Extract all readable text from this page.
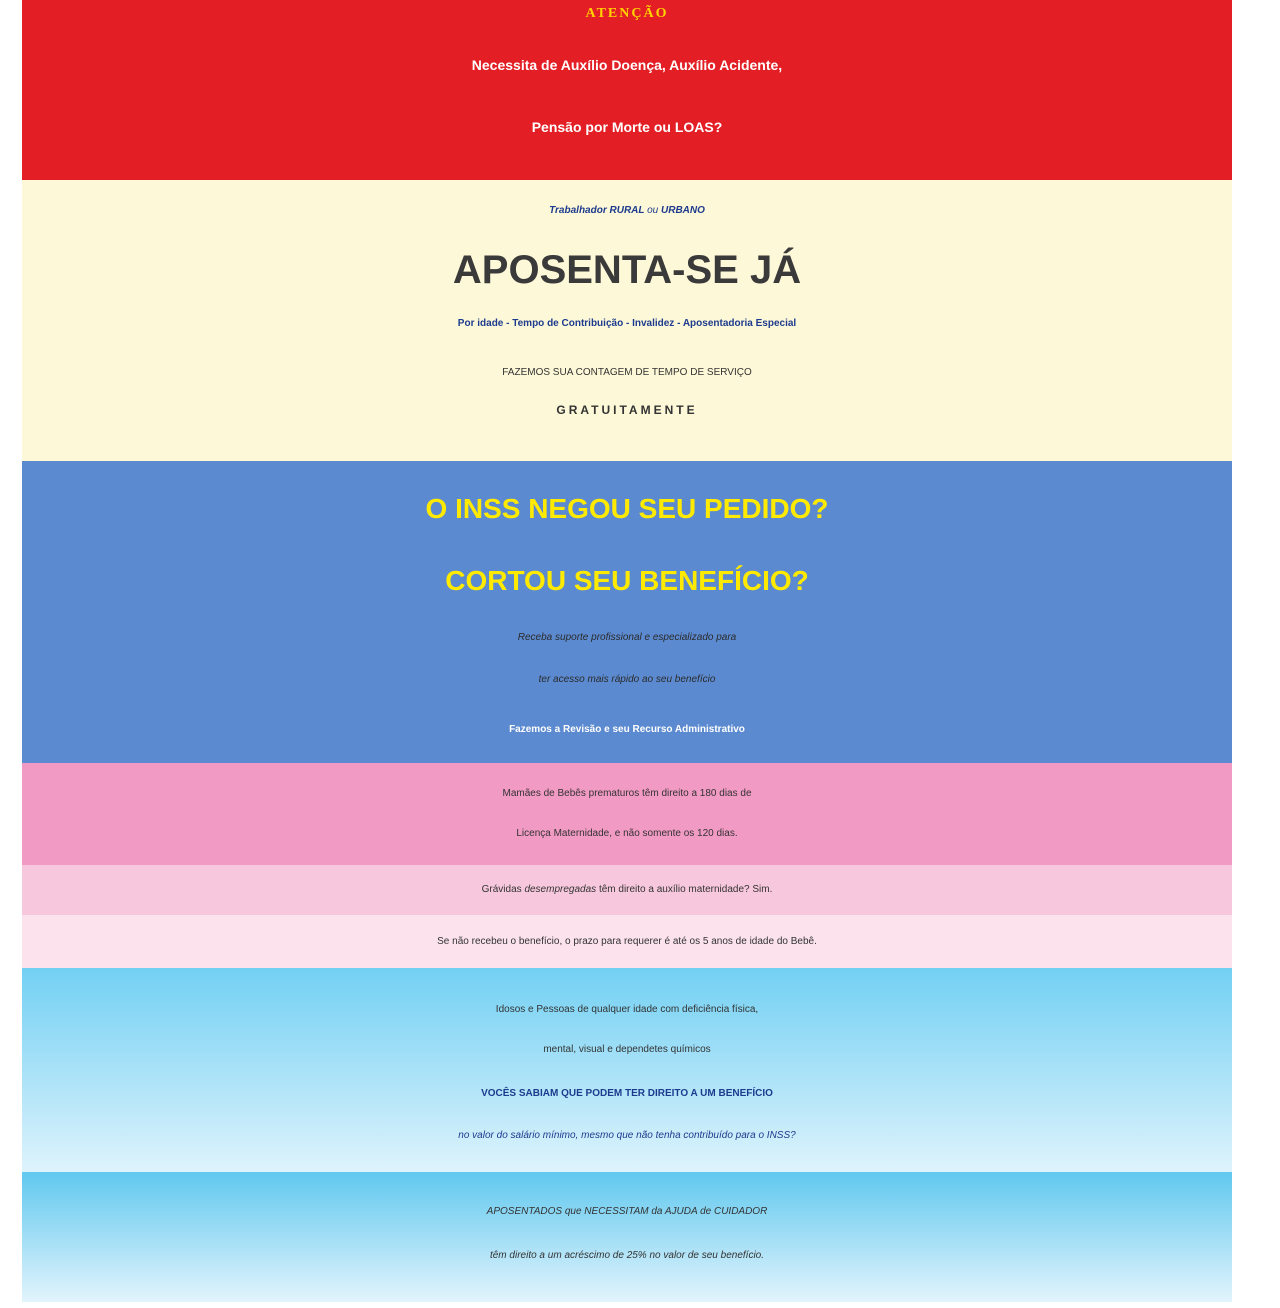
ATENÇÃO
Necessita de Auxílio Doença, Auxílio Acidente,
Pensão por Morte ou LOAS?
Trabalhador RURAL ou URBANO
APOSENTA-SE JÁ
Por idade - Tempo de Contribuição - Invalidez - Aposentadoria Especial
FAZEMOS SUA CONTAGEM DE TEMPO DE SERVIÇO
GRATUITAMENTE
O INSS NEGOU SEU PEDIDO?
CORTOU SEU BENEFÍCIO?
Receba suporte profissional e especializado para
ter acesso mais rápido ao seu benefício
Fazemos a Revisão e seu Recurso Administrativo
Mamães de Bebês prematuros têm direito a 180 dias de
Licença Maternidade, e não somente os 120 dias.
Grávidas desempregadas têm direito a auxílio maternidade? Sim.
Se não recebeu o benefício, o prazo para requerer é até os 5 anos de idade do Bebê.
Idosos e Pessoas de qualquer idade com deficiência física,
mental, visual e dependetes químicos
VOCÊS SABIAM QUE PODEM TER DIREITO A UM BENEFÍCIO
no valor do salário mínimo, mesmo que não tenha contribuído para o INSS?
APOSENTADOS que NECESSITAM da AJUDA de CUIDADOR
têm direito a um acréscimo de 25% no valor de seu benefício.
